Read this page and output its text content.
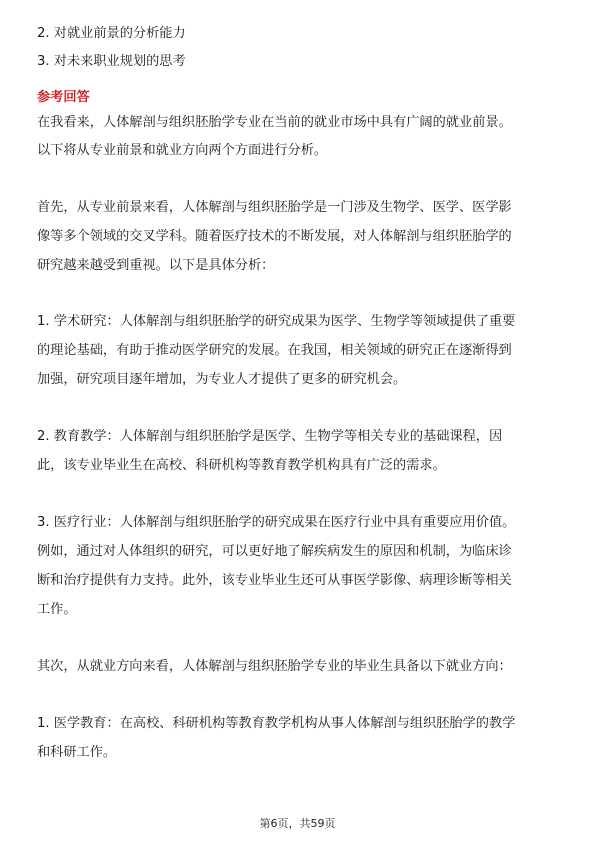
2. 对就业前景的分析能力
3. 对未来职业规划的思考
参考回答
在我看来，人体解剖与组织胚胎学专业在当前的就业市场中具有广阔的就业前景。
以下将从专业前景和就业方向两个方面进行分析。
首先，从专业前景来看，人体解剖与组织胚胎学是一门涉及生物学、医学、医学影
像等多个领域的交叉学科。随着医疗技术的不断发展，对人体解剖与组织胚胎学的
研究越来越受到重视。以下是具体分析：
1. 学术研究：人体解剖与组织胚胎学的研究成果为医学、生物学等领域提供了重要
的理论基础，有助于推动医学研究的发展。在我国，相关领域的研究正在逐渐得到
加强，研究项目逐年增加，为专业人才提供了更多的研究机会。
2. 教育教学：人体解剖与组织胚胎学是医学、生物学等相关专业的基础课程，因
此，该专业毕业生在高校、科研机构等教育教学机构具有广泛的需求。
3. 医疗行业：人体解剖与组织胚胎学的研究成果在医疗行业中具有重要应用价值。
例如，通过对人体组织的研究，可以更好地了解疾病发生的原因和机制，为临床诊
断和治疗提供有力支持。此外，该专业毕业生还可从事医学影像、病理诊断等相关
工作。
其次，从就业方向来看，人体解剖与组织胚胎学专业的毕业生具备以下就业方向：
1. 医学教育：在高校、科研机构等教育教学机构从事人体解剖与组织胚胎学的教学
和科研工作。
第6页，共59页
